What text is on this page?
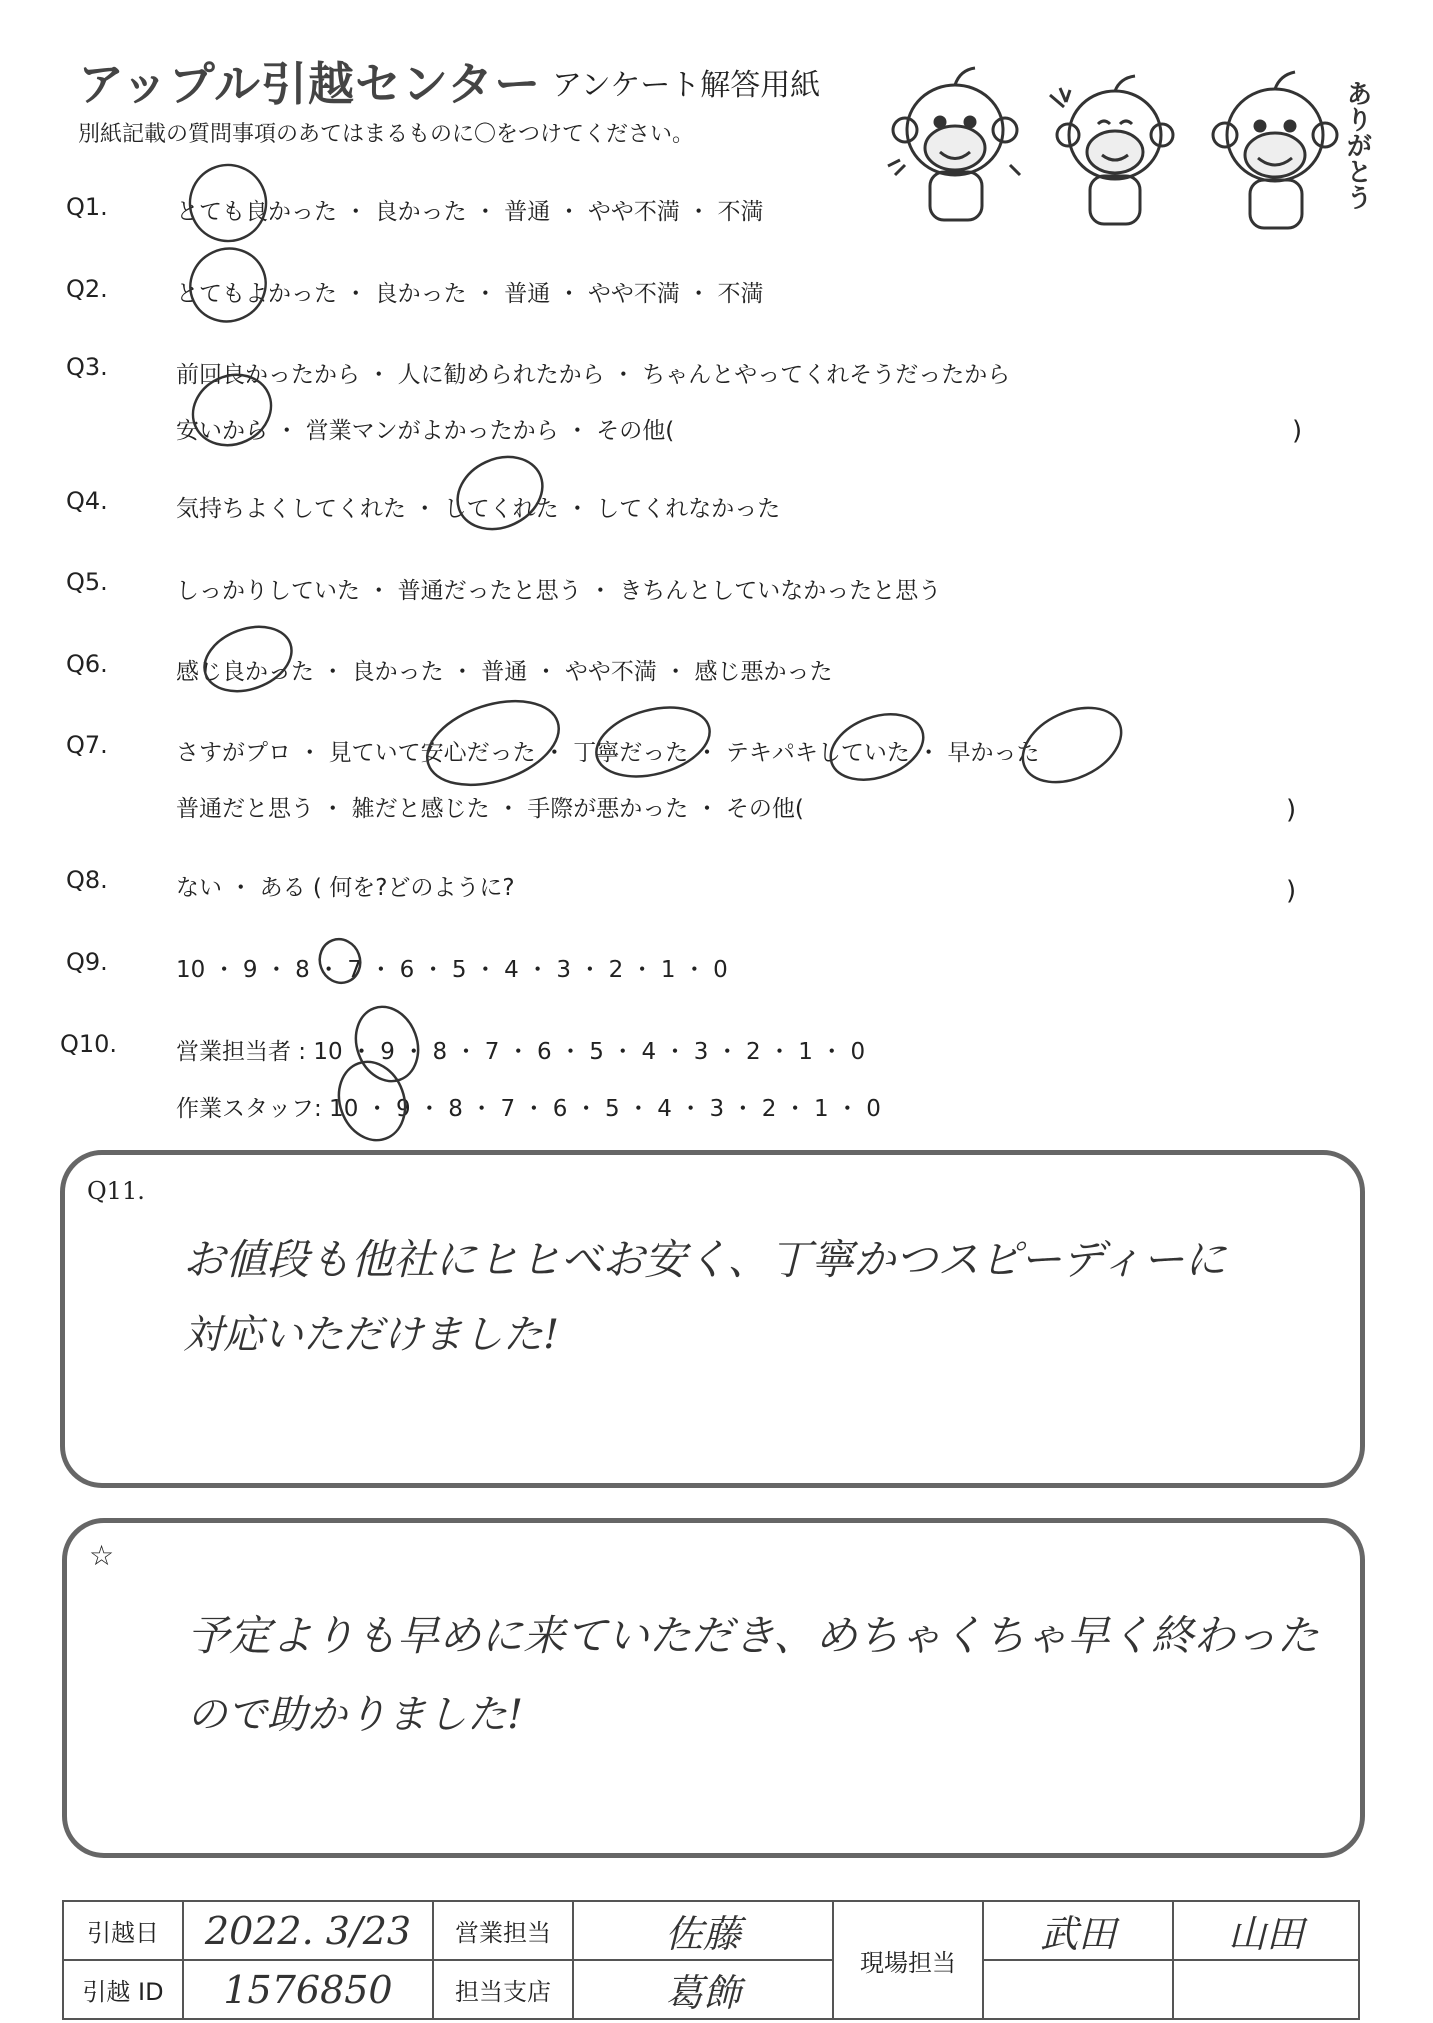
アップル引越センター アンケート解答用紙
別紙記載の質問事項のあてはまるものに〇をつけてください。	ありがとう
Q1.	とても良かった ・ 良かった ・ 普通 ・ やや不満 ・ 不満
Q2.	とてもよかった ・ 良かった ・ 普通 ・ やや不満 ・ 不満
Q3.	前回良かったから ・ 人に勧められたから ・ ちゃんとやってくれそうだったから
安いから ・ 営業マンがよかったから ・ その他(	)
Q4.	気持ちよくしてくれた ・ してくれた ・ してくれなかった
Q5.	しっかりしていた ・ 普通だったと思う ・ きちんとしていなかったと思う
Q6.	感じ良かった ・ 良かった ・ 普通 ・ やや不満 ・ 感じ悪かった
Q7.	さすがプロ ・ 見ていて安心だった ・ 丁寧だった ・ テキパキしていた ・ 早かった
普通だと思う ・ 雑だと感じた ・ 手際が悪かった ・ その他(	)
Q8.	ない ・ ある ( 何を?どのように?	)
Q9.	10 ・ 9 ・ 8 ・ 7 ・ 6 ・ 5 ・ 4 ・ 3 ・ 2 ・ 1 ・ 0
Q10.	営業担当者 : 10 ・ 9 ・ 8 ・ 7 ・ 6 ・ 5 ・ 4 ・ 3 ・ 2 ・ 1 ・ 0
作業スタッフ: 10 ・ 9 ・ 8 ・ 7 ・ 6 ・ 5 ・ 4 ・ 3 ・ 2 ・ 1 ・ 0
Q11.
お値段も他社にヒヒベお安く、丁寧かつスピーディーに
対応いただけました!
☆
予定よりも早めに来ていただき、めちゃくちゃ早く終わった
ので助かりました!
引越日	2022. 3/23	営業担当	佐藤	現場担当	武田	山田
引越 ID	1576850	担当支店	葛飾			
